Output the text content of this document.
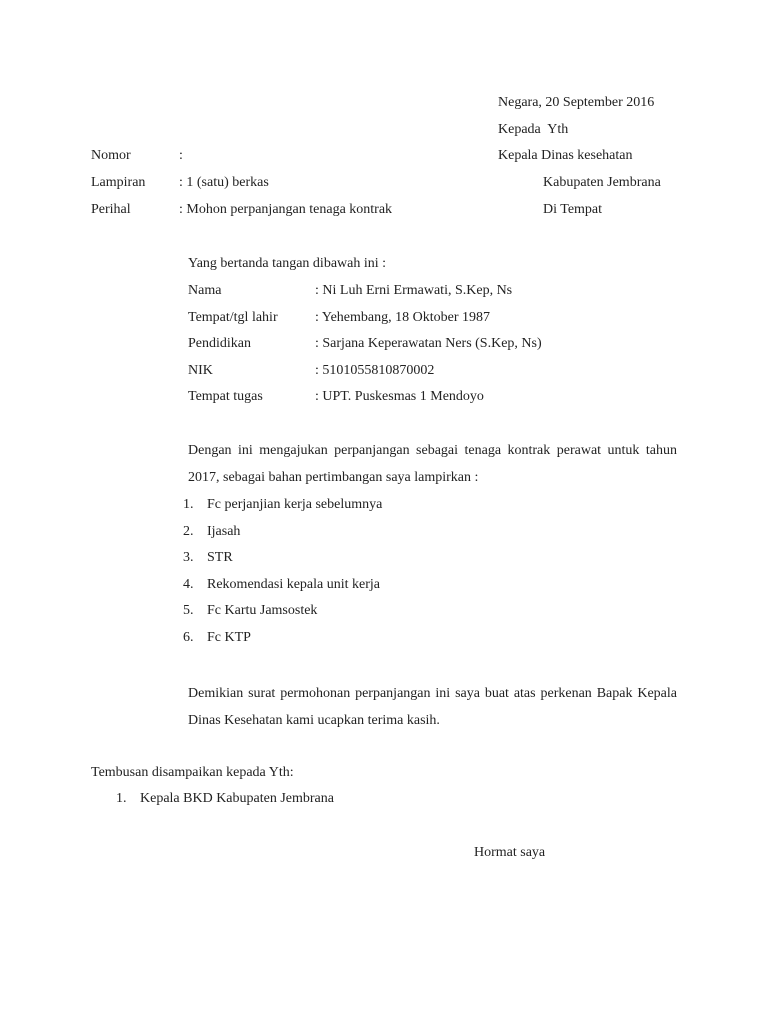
Negara, 20 September 2016
Kepada  Yth
Kepala Dinas kesehatan
Kabupaten Jembrana
Di Tempat
Nomor	:
Lampiran : 1 (satu) berkas
Perihal	: Mohon perpanjangan tenaga kontrak
Yang bertanda tangan dibawah ini :
Nama	: Ni Luh Erni Ermawati, S.Kep, Ns
Tempat/tgl lahir	: Yehembang, 18 Oktober 1987
Pendidikan	: Sarjana Keperawatan Ners (S.Kep, Ns)
NIK	: 5101055810870002
Tempat tugas	: UPT. Puskesmas 1 Mendoyo
Dengan ini mengajukan perpanjangan sebagai tenaga kontrak perawat untuk tahun 2017, sebagai bahan pertimbangan saya lampirkan :
1. Fc perjanjian kerja sebelumnya
2. Ijasah
3. STR
4. Rekomendasi kepala unit kerja
5. Fc Kartu Jamsostek
6. Fc KTP
Demikian surat permohonan perpanjangan ini saya buat atas perkenan Bapak Kepala Dinas Kesehatan kami ucapkan terima kasih.
Tembusan disampaikan kepada Yth:
1. Kepala BKD Kabupaten Jembrana
Hormat saya
